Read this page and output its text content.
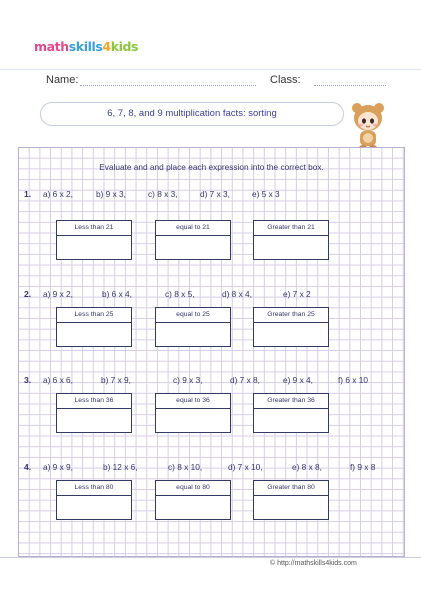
mathskills4kids
Name:	Class:
6, 7, 8, and 9 multiplication facts: sorting
Evaluate and and place each expression into the correct box.
1. a) 6 x 2,	b) 9 x 3,	c) 8 x 3,	d) 7 x 3,	e) 5 x 3
Less than 21	equal to 21	Greater than 21
2. a) 9 x 2,	b) 6 x 4,	c) 8 x 5,	d) 8 x 4,	e) 7 x 2
Less than 25	equal to 25	Greater than 25
3. a) 6 x 6,	b) 7 x 9,	c) 9 x 3,	d) 7 x 8,	e) 9 x 4,	f) 6 x 10
Less than 36	equal to 36	Greater than 36
4. a) 9 x 9,	b) 12 x 6,	c) 8 x 10,	d) 7 x 10,	e) 8 x 8,	f) 9 x 8
Less than 80	equal to 80	Greater than 80
© http://mathskills4kids.com
